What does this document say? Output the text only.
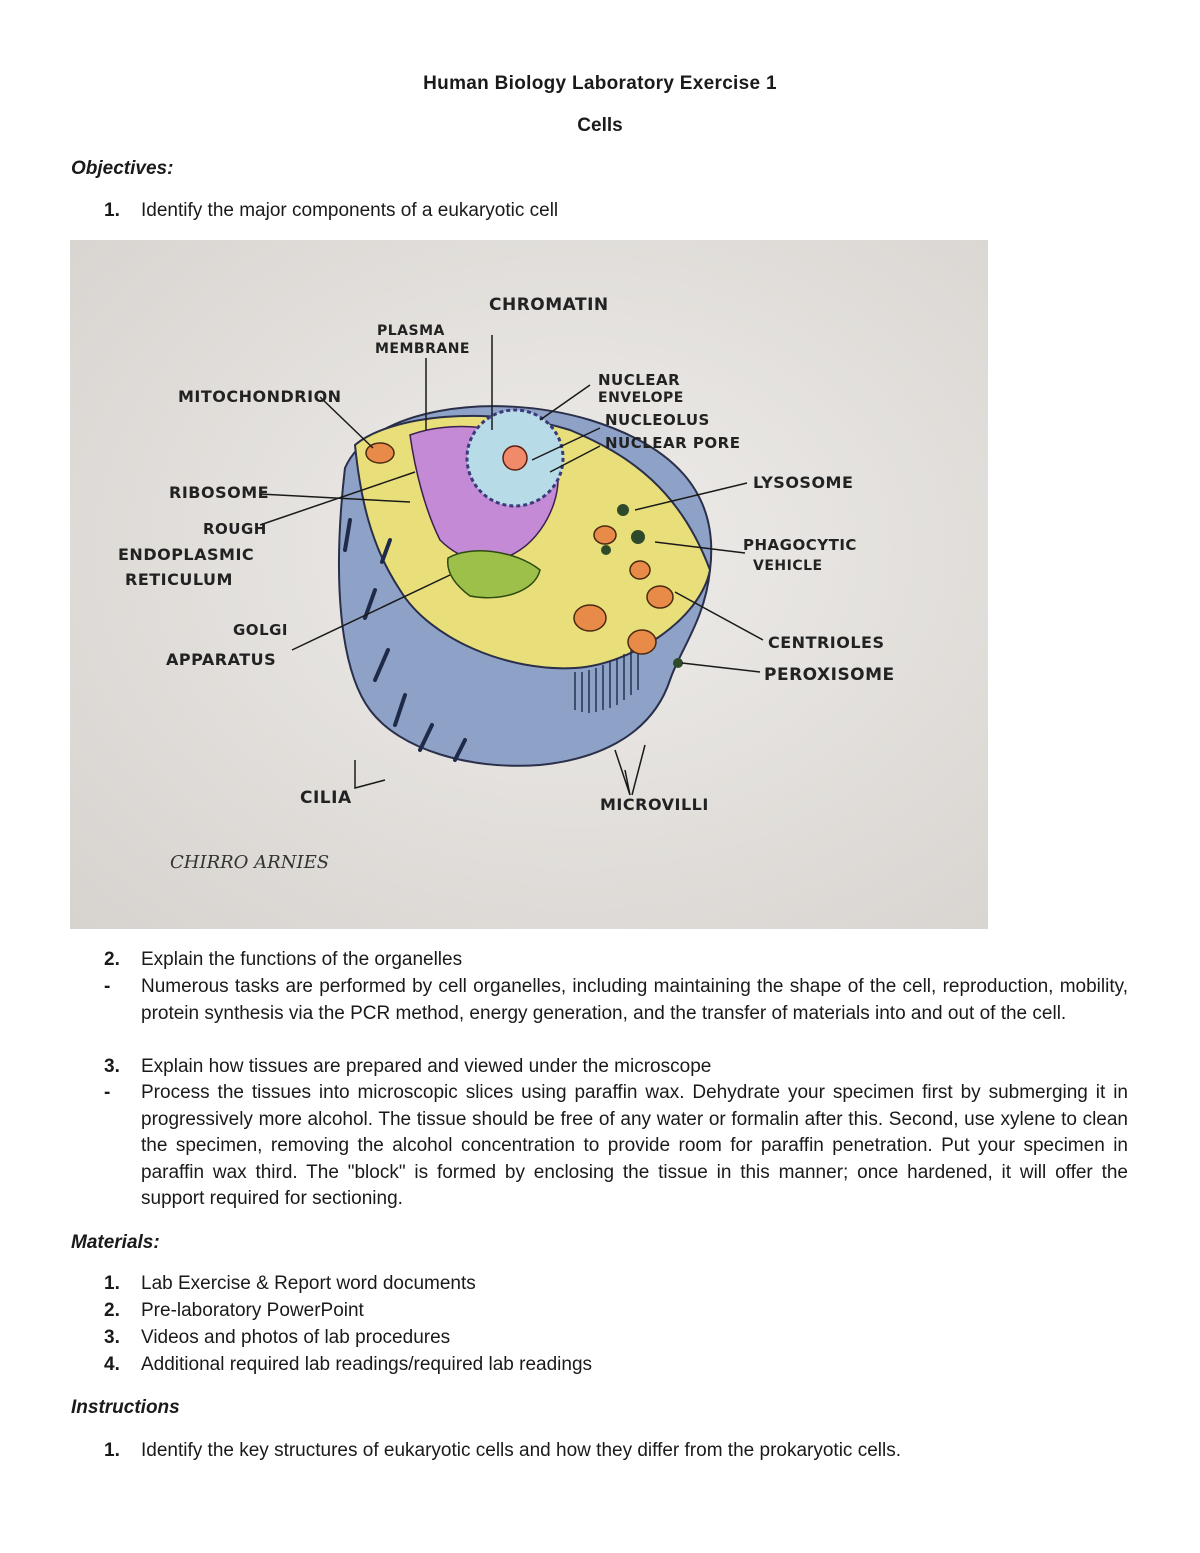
Human Biology Laboratory Exercise 1
Cells
Objectives:
1.	Identify the major components of a eukaryotic cell
CHROMATIN
PLASMA
MEMBRANE
MITOCHONDRION
NUCLEAR
ENVELOPE
NUCLEOLUS
NUCLEAR PORE
LYSOSOME
RIBOSOME
ROUGH
ENDOPLASMIC
RETICULUM
PHAGOCYTIC
VEHICLE
GOLGI
APPARATUS
CENTRIOLES
PEROXISOME
CILIA	MICROVILLI
CHIRRO ARNIES
2.	Explain the functions of the organelles
-	Numerous tasks are performed by cell organelles, including maintaining the shape of the cell, reproduction, mobility, protein synthesis via the PCR method, energy generation, and the transfer of materials into and out of the cell.
3.	Explain how tissues are prepared and viewed under the microscope
-	Process the tissues into microscopic slices using paraffin wax. Dehydrate your specimen first by submerging it in progressively more alcohol. The tissue should be free of any water or formalin after this. Second, use xylene to clean the specimen, removing the alcohol concentration to provide room for paraffin penetration. Put your specimen in paraffin wax third. The "block" is formed by enclosing the tissue in this manner; once hardened, it will offer the support required for sectioning.
Materials:
1.	Lab Exercise & Report word documents
2.	Pre-laboratory PowerPoint
3.	Videos and photos of lab procedures
4.	Additional required lab readings/required lab readings
Instructions
1.	Identify the key structures of eukaryotic cells and how they differ from the prokaryotic cells.
